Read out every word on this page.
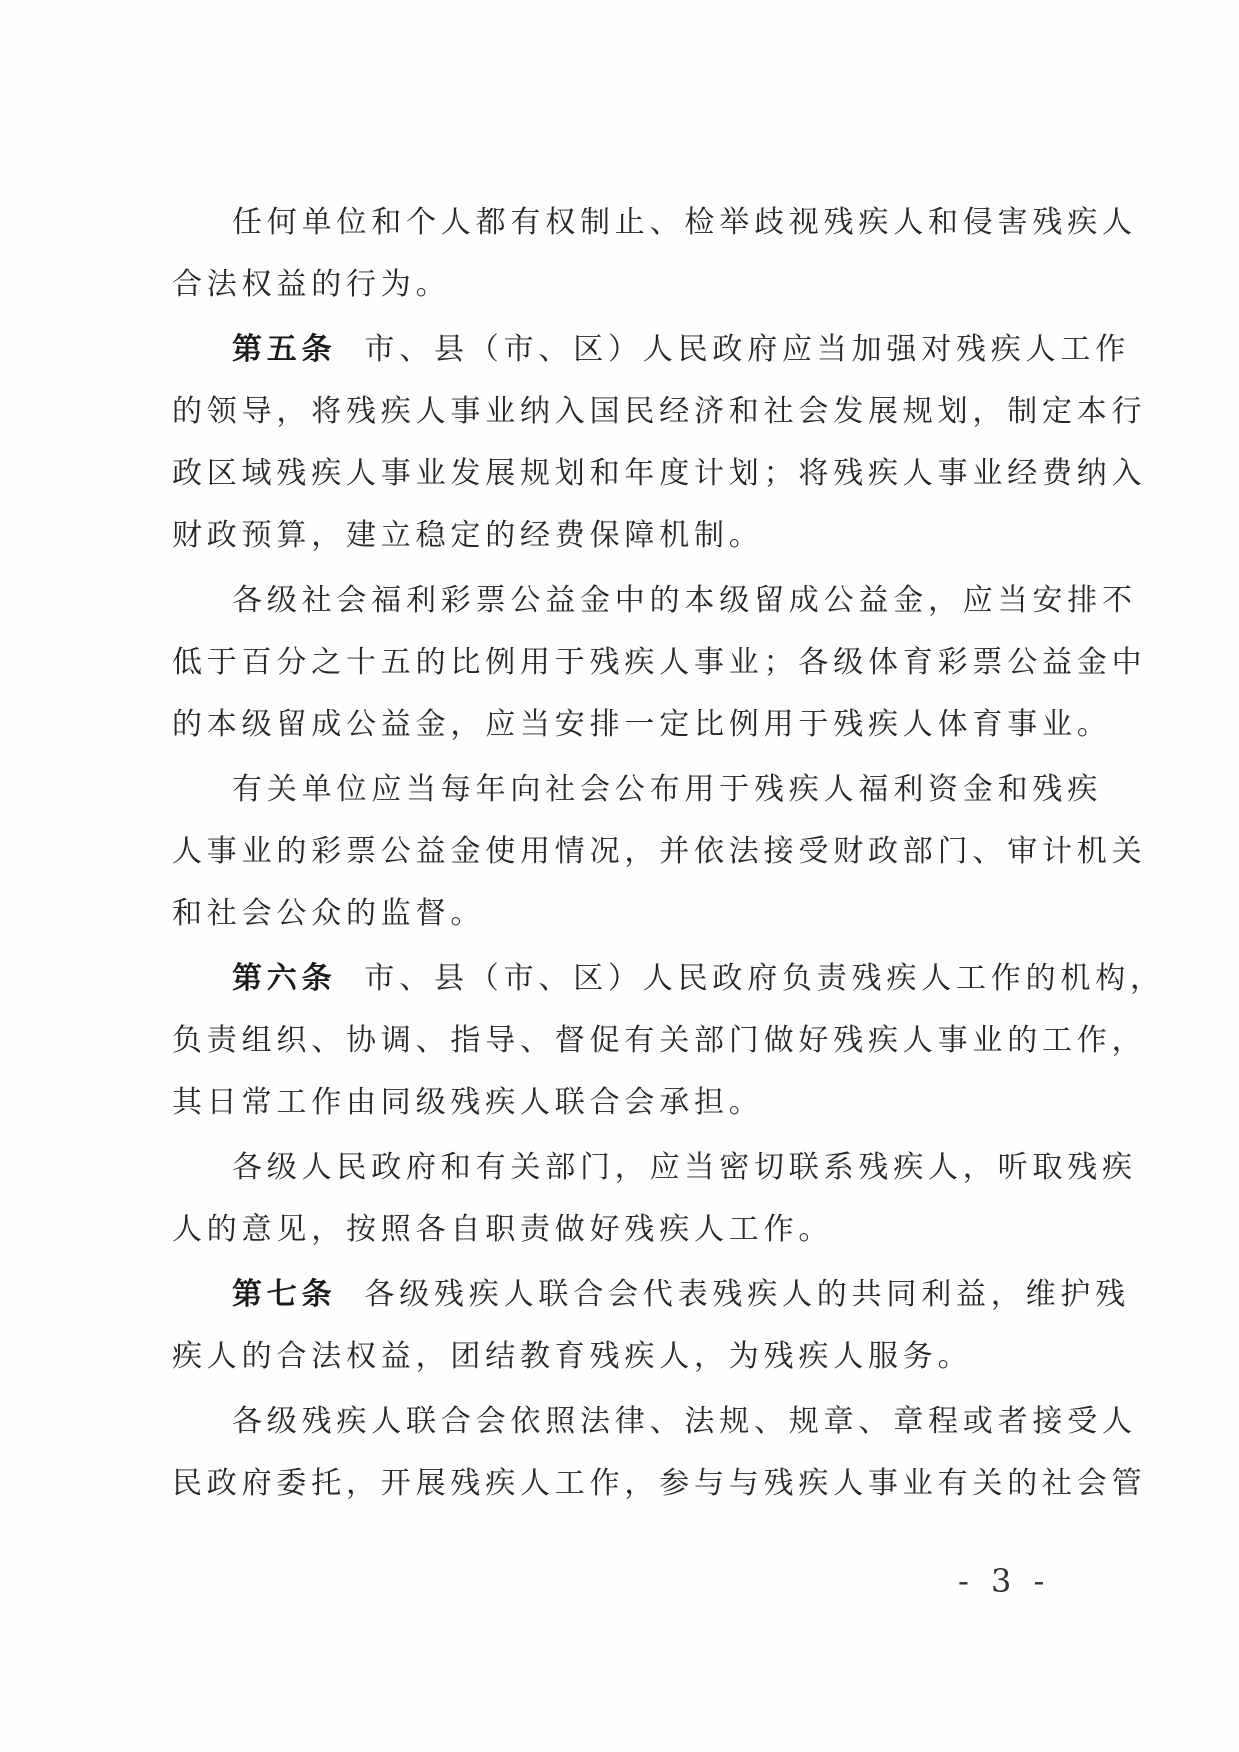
任何单位和个人都有权制止、检举歧视残疾人和侵害残疾人
合法权益的行为。
第五条 市、县（市、区）人民政府应当加强对残疾人工作
的领导，将残疾人事业纳入国民经济和社会发展规划，制定本行
政区域残疾人事业发展规划和年度计划；将残疾人事业经费纳入
财政预算，建立稳定的经费保障机制。
各级社会福利彩票公益金中的本级留成公益金，应当安排不
低于百分之十五的比例用于残疾人事业；各级体育彩票公益金中
的本级留成公益金，应当安排一定比例用于残疾人体育事业。
有关单位应当每年向社会公布用于残疾人福利资金和残疾
人事业的彩票公益金使用情况，并依法接受财政部门、审计机关
和社会公众的监督。
第六条 市、县（市、区）人民政府负责残疾人工作的机构，
负责组织、协调、指导、督促有关部门做好残疾人事业的工作，
其日常工作由同级残疾人联合会承担。
各级人民政府和有关部门，应当密切联系残疾人，听取残疾
人的意见，按照各自职责做好残疾人工作。
第七条 各级残疾人联合会代表残疾人的共同利益，维护残
疾人的合法权益，团结教育残疾人，为残疾人服务。
各级残疾人联合会依照法律、法规、规章、章程或者接受人
民政府委托，开展残疾人工作，参与与残疾人事业有关的社会管
- 3 -
